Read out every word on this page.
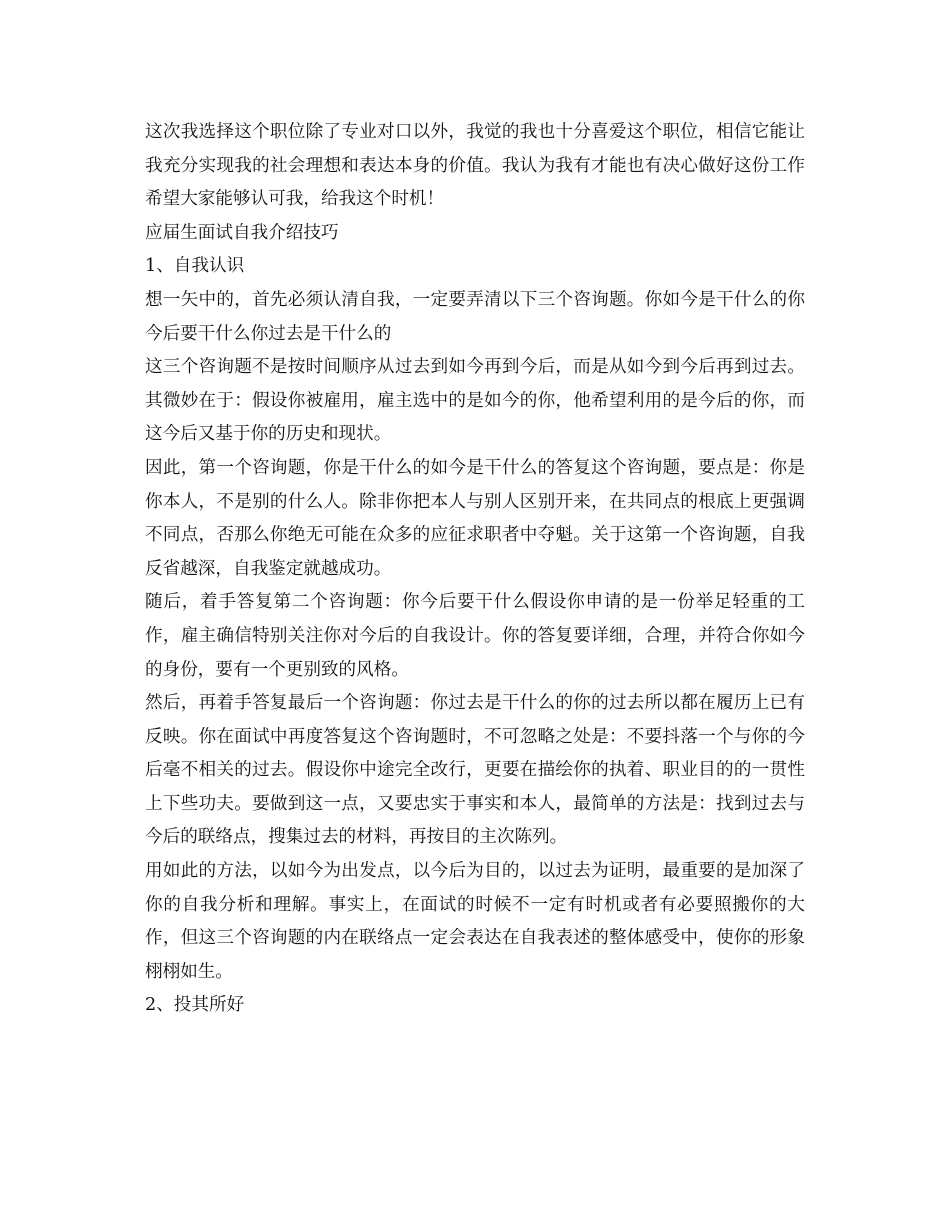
这次我选择这个职位除了专业对口以外，我觉的我也十分喜爱这个职位，相信它能让我充分实现我的社会理想和表达本身的价值。我认为我有才能也有决心做好这份工作希望大家能够认可我，给我这个时机！

应届生面试自我介绍技巧

1、自我认识

想一矢中的，首先必须认清自我，一定要弄清以下三个咨询题。你如今是干什么的你今后要干什么你过去是干什么的

这三个咨询题不是按时间顺序从过去到如今再到今后，而是从如今到今后再到过去。其微妙在于：假设你被雇用，雇主选中的是如今的你，他希望利用的是今后的你，而这今后又基于你的历史和现状。

因此，第一个咨询题，你是干什么的如今是干什么的答复这个咨询题，要点是：你是你本人，不是别的什么人。除非你把本人与别人区别开来，在共同点的根底上更强调不同点，否那么你绝无可能在众多的应征求职者中夺魁。关于这第一个咨询题，自我反省越深，自我鉴定就越成功。

随后，着手答复第二个咨询题：你今后要干什么假设你申请的是一份举足轻重的工作，雇主确信特别关注你对今后的自我设计。你的答复要详细，合理，并符合你如今的身份，要有一个更别致的风格。

然后，再着手答复最后一个咨询题：你过去是干什么的你的过去所以都在履历上已有反映。你在面试中再度答复这个咨询题时，不可忽略之处是：不要抖落一个与你的今后毫不相关的过去。假设你中途完全改行，更要在描绘你的执着、职业目的的一贯性上下些功夫。要做到这一点，又要忠实于事实和本人，最简单的方法是：找到过去与今后的联络点，搜集过去的材料，再按目的主次陈列。

用如此的方法，以如今为出发点，以今后为目的，以过去为证明，最重要的是加深了你的自我分析和理解。事实上，在面试的时候不一定有时机或者有必要照搬你的大作，但这三个咨询题的内在联络点一定会表达在自我表述的整体感受中，使你的形象栩栩如生。

2、投其所好
